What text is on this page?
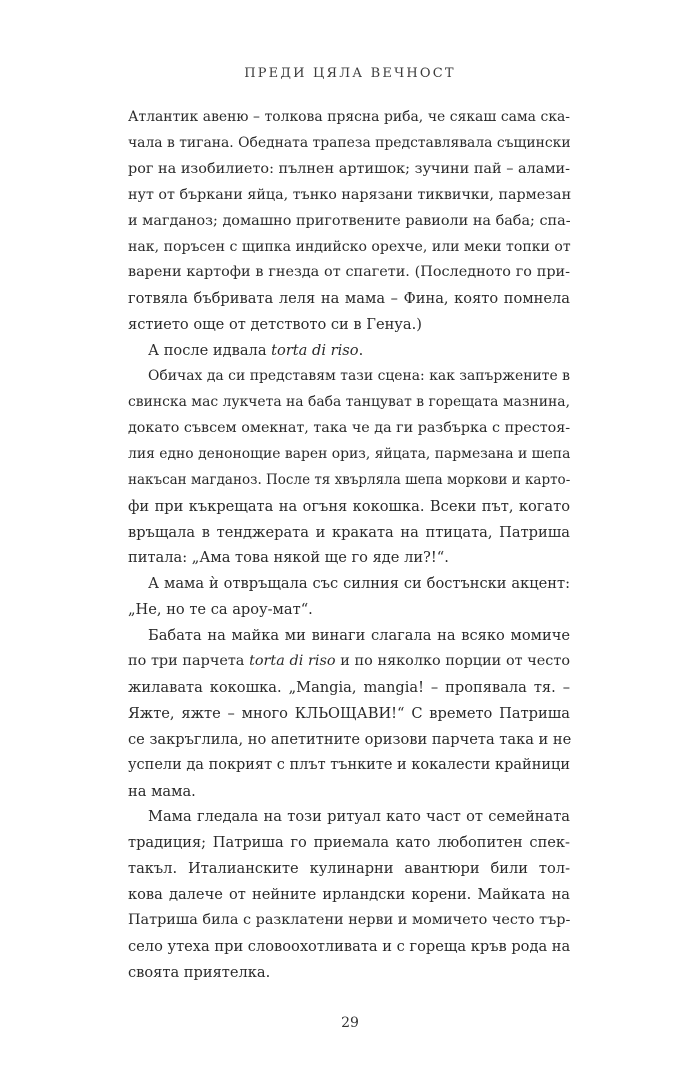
ПРЕДИ ЦЯЛА ВЕЧНОСТ
Атлантик авеню – толкова прясна риба, че сякаш сама ска-
чала в тигана. Обедната трапеза представлявала същински
рог на изобилието: пълнен артишок; зучини пай – алами-
нут от бъркани яйца, тънко нарязани тиквички, пармезан
и магданоз; домашно приготвените равиоли на баба; спа-
нак, поръсен с щипка индийско орехче, или меки топки от
варени картофи в гнезда от спагети. (Последното го при-
готвяла бъбривата леля на мама – Фина, която помнела
ястието още от детството си в Генуа.)
А после идвала torta di riso.
Обичах да си представям тази сцена: как запържените в
свинска мас лукчета на баба танцуват в горещата мазнина,
докато съвсем омекнат, така че да ги разбърка с престоя-
лия едно денонощие варен ориз, яйцата, пармезана и шепа
накъсан магданоз. После тя хвърляла шепа моркови и карто-
фи при къкрещата на огъня кокошка. Всеки път, когато
връщала в тенджерата и краката на птицата, Патриша
питала: „Ама това някой ще го яде ли?!“.
А мама ѝ отвръщала със силния си бостънски акцент:
„Не, но те са ароу-мат“.
Бабата на майка ми винаги слагала на всяко момиче
по три парчета torta di riso и по няколко порции от често
жилавата кокошка. „Mangia, mangia! – пропявала тя. –
Яжте, яжте – много КЛЬОЩАВИ!“ С времето Патриша
се закръглила, но апетитните оризови парчета така и не
успели да покрият с плът тънките и кокалести крайници
на мама.
Мама гледала на този ритуал като част от семейната
традиция; Патриша го приемала като любопитен спек-
такъл. Италианските кулинарни авантюри били тол-
кова далече от нейните ирландски корени. Майката на
Патриша била с разклатени нерви и момичето често тър-
село утеха при словоохотливата и с гореща кръв рода на
своята приятелка.
29
